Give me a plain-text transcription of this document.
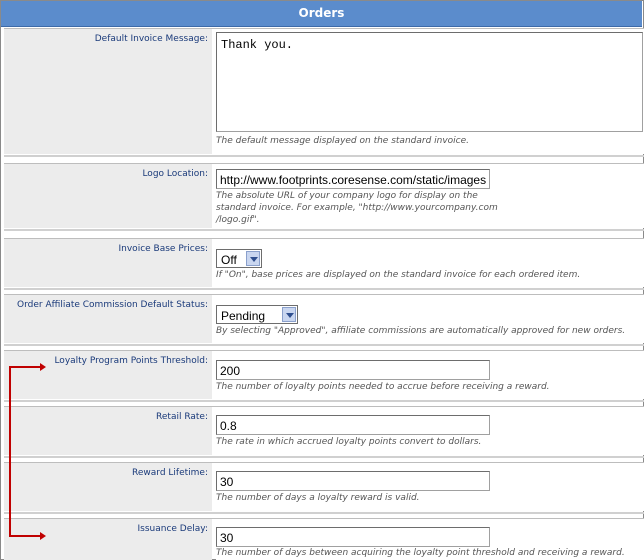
Orders
Default Invoice Message:	Thank you.
The default message displayed on the standard invoice.
Logo Location:	http://www.footprints.coresense.com/static/images
The absolute URL of your company logo for display on the
standard invoice. For example, "http://www.yourcompany.com
/logo.gif".
Invoice Base Prices:
Off
If "On", base prices are displayed on the standard invoice for each ordered item.
Order Affiliate Commission Default Status:
Pending
By selecting "Approved", affiliate commissions are automatically approved for new orders.
Loyalty Program Points Threshold:
200
The number of loyalty points needed to accrue before receiving a reward.
Retail Rate:
0.8
The rate in which accrued loyalty points convert to dollars.
Reward Lifetime:
30
The number of days a loyalty reward is valid.
Issuance Delay:
30
The number of days between acquiring the loyalty point threshold and receiving a reward.
